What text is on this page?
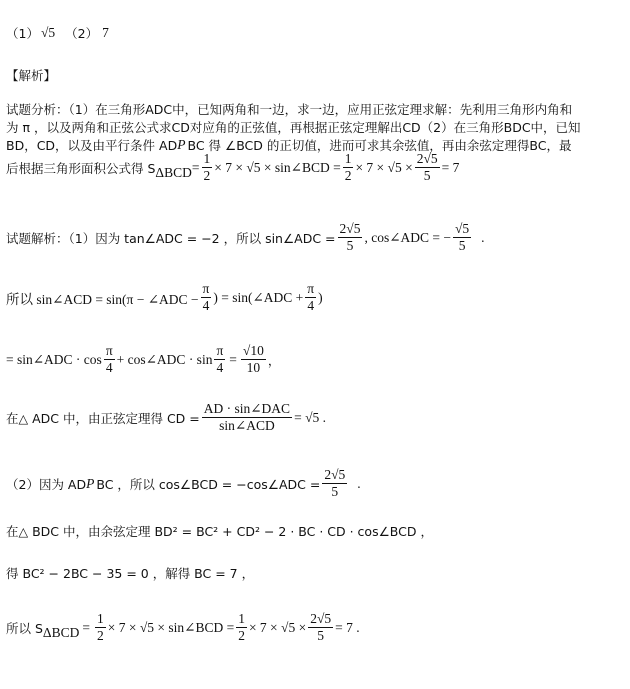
（1） √5 （2） 7
【解析】
试题分析：（1）在三角形ADC中，已知两角和一边，求一边，应用正弦定理求解：先利用三角形内角和
为 π ，以及两角和正弦公式求CD对应角的正弦值，再根据正弦定理解出CD（2）在三角形BDC中，已知
BD，CD，以及由平行条件 AD P BC 得 ∠BCD 的正切值，进而可求其余弦值，再由余弦定理得BC，最
后根据三角形面积公式得 S $\Delta BCD = \frac{1}{2} \times 7 \times √5$ × sin∠BCD = $\frac{1}{2} \times 7 \times √5 \times \frac{2√5}{5} = 7$
试题解析：（1）因为 tan∠ADC = −2 ，所以 sin∠ADC = $\frac{2√5}{5}$ , cos∠ADC = − $\frac{√5}{5}$ .
所以 sin∠ACD = sin(π − ∠ADC − $\frac{\pi}{4}$ ) = sin(∠ADC + $\frac{\pi}{4}$ )
= sin∠ADC · $\cos \frac{\pi}{4}$ + cos∠ADC · $\sin \frac{\pi}{4} = \frac{√10}{10}$ ，
在△ ADC 中，由正弦定理得 CD = $\frac{\text{AD · sin∠DAC}}{\text{sin∠ACD}} = √5$ .
（2）因为 AD P BC ，所以 cos∠BCD = −cos∠ADC = $\frac{2√5}{5}$ .
在△ BDC 中，由余弦定理 BD² = BC² + CD² − 2 · BC · CD · cos∠BCD ，
得 BC² − 2BC − 35 = 0 ，解得 BC = 7 ，
所以 S $\Delta BCD = \frac{1}{2} \times 7 \times √5$ × sin∠BCD = $\frac{1}{2} \times 7 \times √5 \times \frac{2√5}{5} = 7$ .
